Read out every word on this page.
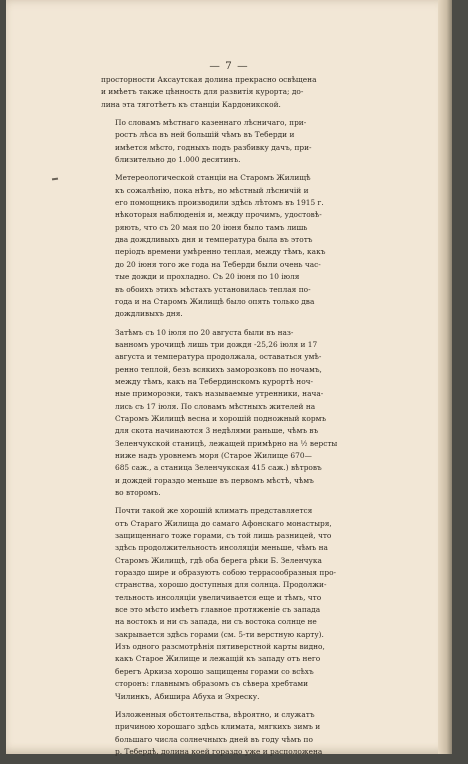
— 7 —
просторности Аксаутская долина прекрасно освѣщена
и имѣетъ также цѣнность для развитія курорта; до-
лина эта тяготѣетъ къ станціи Кардоникской.
По словамъ мѣстнаго казеннаго лѣсничаго, при-
ростъ лѣса въ ней большій чѣмъ въ Теберди и
имѣется мѣсто, годныхъ подъ разбивку дачъ, при-
близительно до 1.000 десятинъ.
Метереологической станціи на Старомъ Жилищѣ
къ сожалѣнію, пока нѣтъ, но мѣстный лѣсничій и
его помощникъ производили здѣсь лѣтомъ въ 1915 г.
нѣкоторыя наблюденія и, между прочимъ, удостовѣ-
ряють, что съ 20 мая по 20 іюня было тамъ лишь
два дождливыхъ дня и температура была въ этотъ
періодъ времени умѣренно теплая, между тѣмъ, какъ
до 20 іюня того же года на Теберди были очень час-
тые дожди и прохладно. Съ 20 іюня по 10 іюля
въ обоихъ этихъ мѣстахъ установилась теплая по-
года и на Старомъ Жилищѣ было опять только два
дождливыхъ дня.
Затѣмъ съ 10 іюля по 20 августа были въ наз-
ванномъ урочищѣ лишь три дождя -25,26 іюля и 17
августа и температура продолжала, оставаться умѣ-
ренно теплой, безъ всякихъ заморозковъ по ночамъ,
между тѣмъ, какъ на Тебердинскомъ курортѣ ноч-
ные примороэки, такъ называемые утренники, нача-
лись съ 17 іюля. По словамъ мѣстныхъ жителей на
Старомъ Жилищѣ весна и хорошій подножный кормъ
для скота начинаются 3 недѣлями раньше, чѣмъ въ
Зеленчукской станицѣ, лежащей примѣрно на ½ версты
ниже надъ уровнемъ моря (Старое Жилище 670—
685 саж., а станица Зеленчукская 415 саж.) вѣтровъ
и дождей гораздо меньше въ первомъ мѣстѣ, чѣмъ
во второмъ.
Почти такой же хорошій климатъ представляется
отъ Стараго Жилища до самаго Афонскаго монастыря,
защищеннаго тоже горами, съ той лишь разницей, что
здѣсь продолжительность инсоляціи меньше, чѣмъ на
Старомъ Жилищѣ, гдѣ оба берега рѣки Б. Зеленчука
гораздо шире и образуютъ собою террасообразныя про-
странства, хорошо доступныя для солнца. Продолжи-
тельность инсоляціи увеличивается еще и тѣмъ, что
все это мѣсто имѣетъ главное протяженіе съ запада
на востокъ и ни съ запада, ни съ востока солнце не
закрывается здѣсь горами (см. 5-ти верстную карту).
Изъ одного разсмотрѣнія пятиверстной карты видно,
какъ Старое Жилище и лежащій къ западу отъ него
берегъ Аркиза хорошо защищены горами со всѣхъ
сторонъ: главнымъ образомъ съ сѣвера хребтами
Чилинкъ, Абишира Абуха и Эхреску.
Изложенныя обстоятельства, вѣроятно, и служатъ
причиною хорошаго здѣсь климата, мягкихъ зимъ и
большаго числа солнечныхъ дней въ году чѣмъ по
р. Тебердѣ, долина коей гораздо уже и расположена
